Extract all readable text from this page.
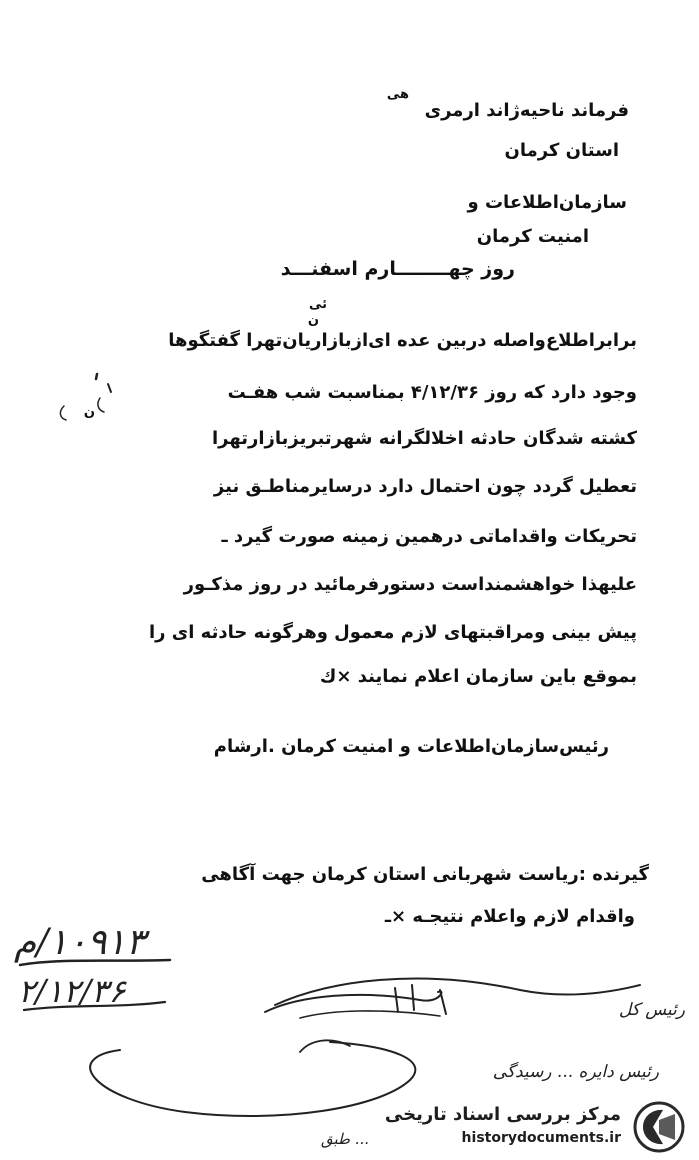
هی
فرماند ناحیه‌ژاند ارمری
استان کرمان
سازمان‌اطلاعات و
امنیت کرمان
روز چهــــــــارم اسفنـــد
ن
ئی
برابراطلاع‌واصله دربین عده ای‌ازبازاریان‌تهرا گفتگوها
وجود دارد که روز ۴/۱۲/۳۶ بمناسبت شب هفـت
ن
کشته شدگان حادثه اخلالگرانه شهرتبریزبازارتهرا
تعطیل گردد چون احتمال دارد درسایرمناطـق نیز
تحریکات واقداماتی درهمین زمینه صورت گیرد ـ
علیهذا خواهشمنداست دستورفرمائید در روز مذکـور
پیش بینی ومراقبتهای لازم معمول وهرگونه حادثه ای را
بموقع باین سازمان اعلام نمایند ×ك
رئیس‌سازمان‌اطلاعات و امنیت کرمان .ارشام
گیرنده :ریاست شهربانی استان کرمان جهت آگاهی
واقدام لازم واعلام نتیجـه ×ـ
۱۰۹۱۳/م
۲/۱۲/۳۶	رئیس کل
رئیس دایره ... رسیدگی
... طبق
مرکز بررسی اسناد تاریخی
historydocuments.ir
